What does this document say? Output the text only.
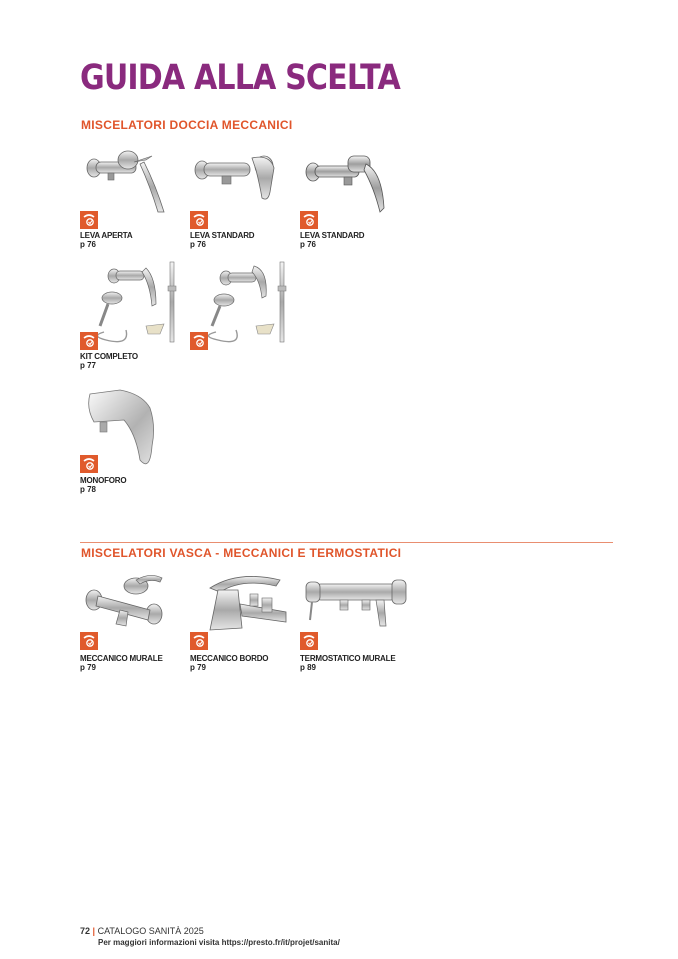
GUIDA ALLA SCELTA
MISCELATORI DOCCIA MECCANICI
LEVA APERTA
p 76
LEVA STANDARD
p 76
LEVA STANDARD
p 76
KIT COMPLETO
p 77
MONOFORO
p 78
MISCELATORI VASCA - MECCANICI E TERMOSTATICI
MECCANICO MURALE
p 79
MECCANICO BORDO
p 79
TERMOSTATICO MURALE
p 89
72 | CATALOGO SANITÀ 2025
Per maggiori informazioni visita https://presto.fr/it/projet/sanita/
